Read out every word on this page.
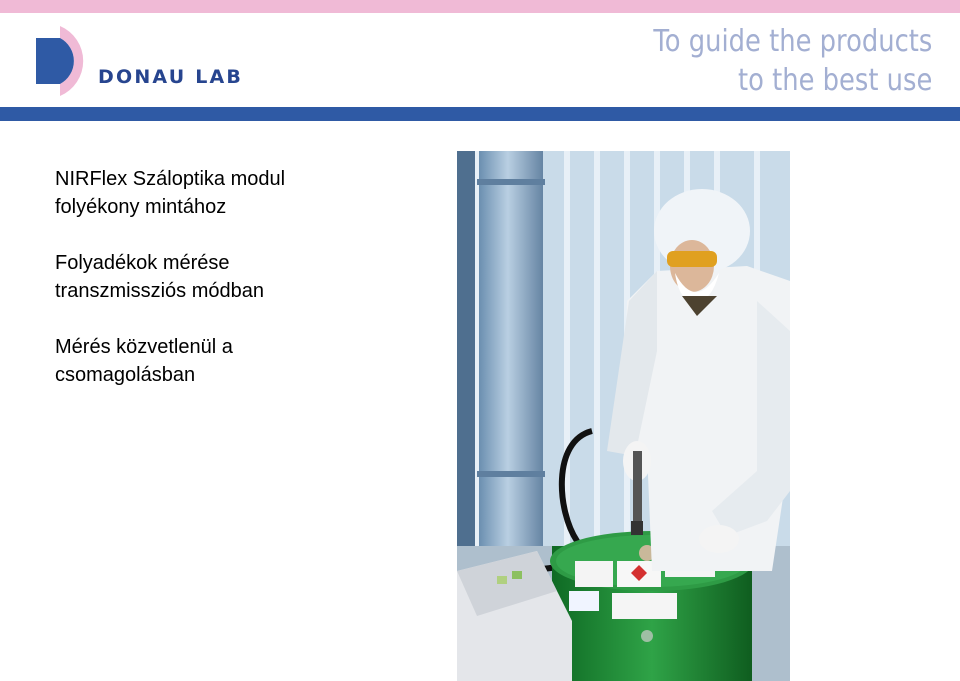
DONAU LAB
To guide the products
to the best use

NIRFlex Száloptika modul
folyékony mintához

Folyadékok mérése
transzmissziós módban

Mérés közvetlenül a
csomagolásban
